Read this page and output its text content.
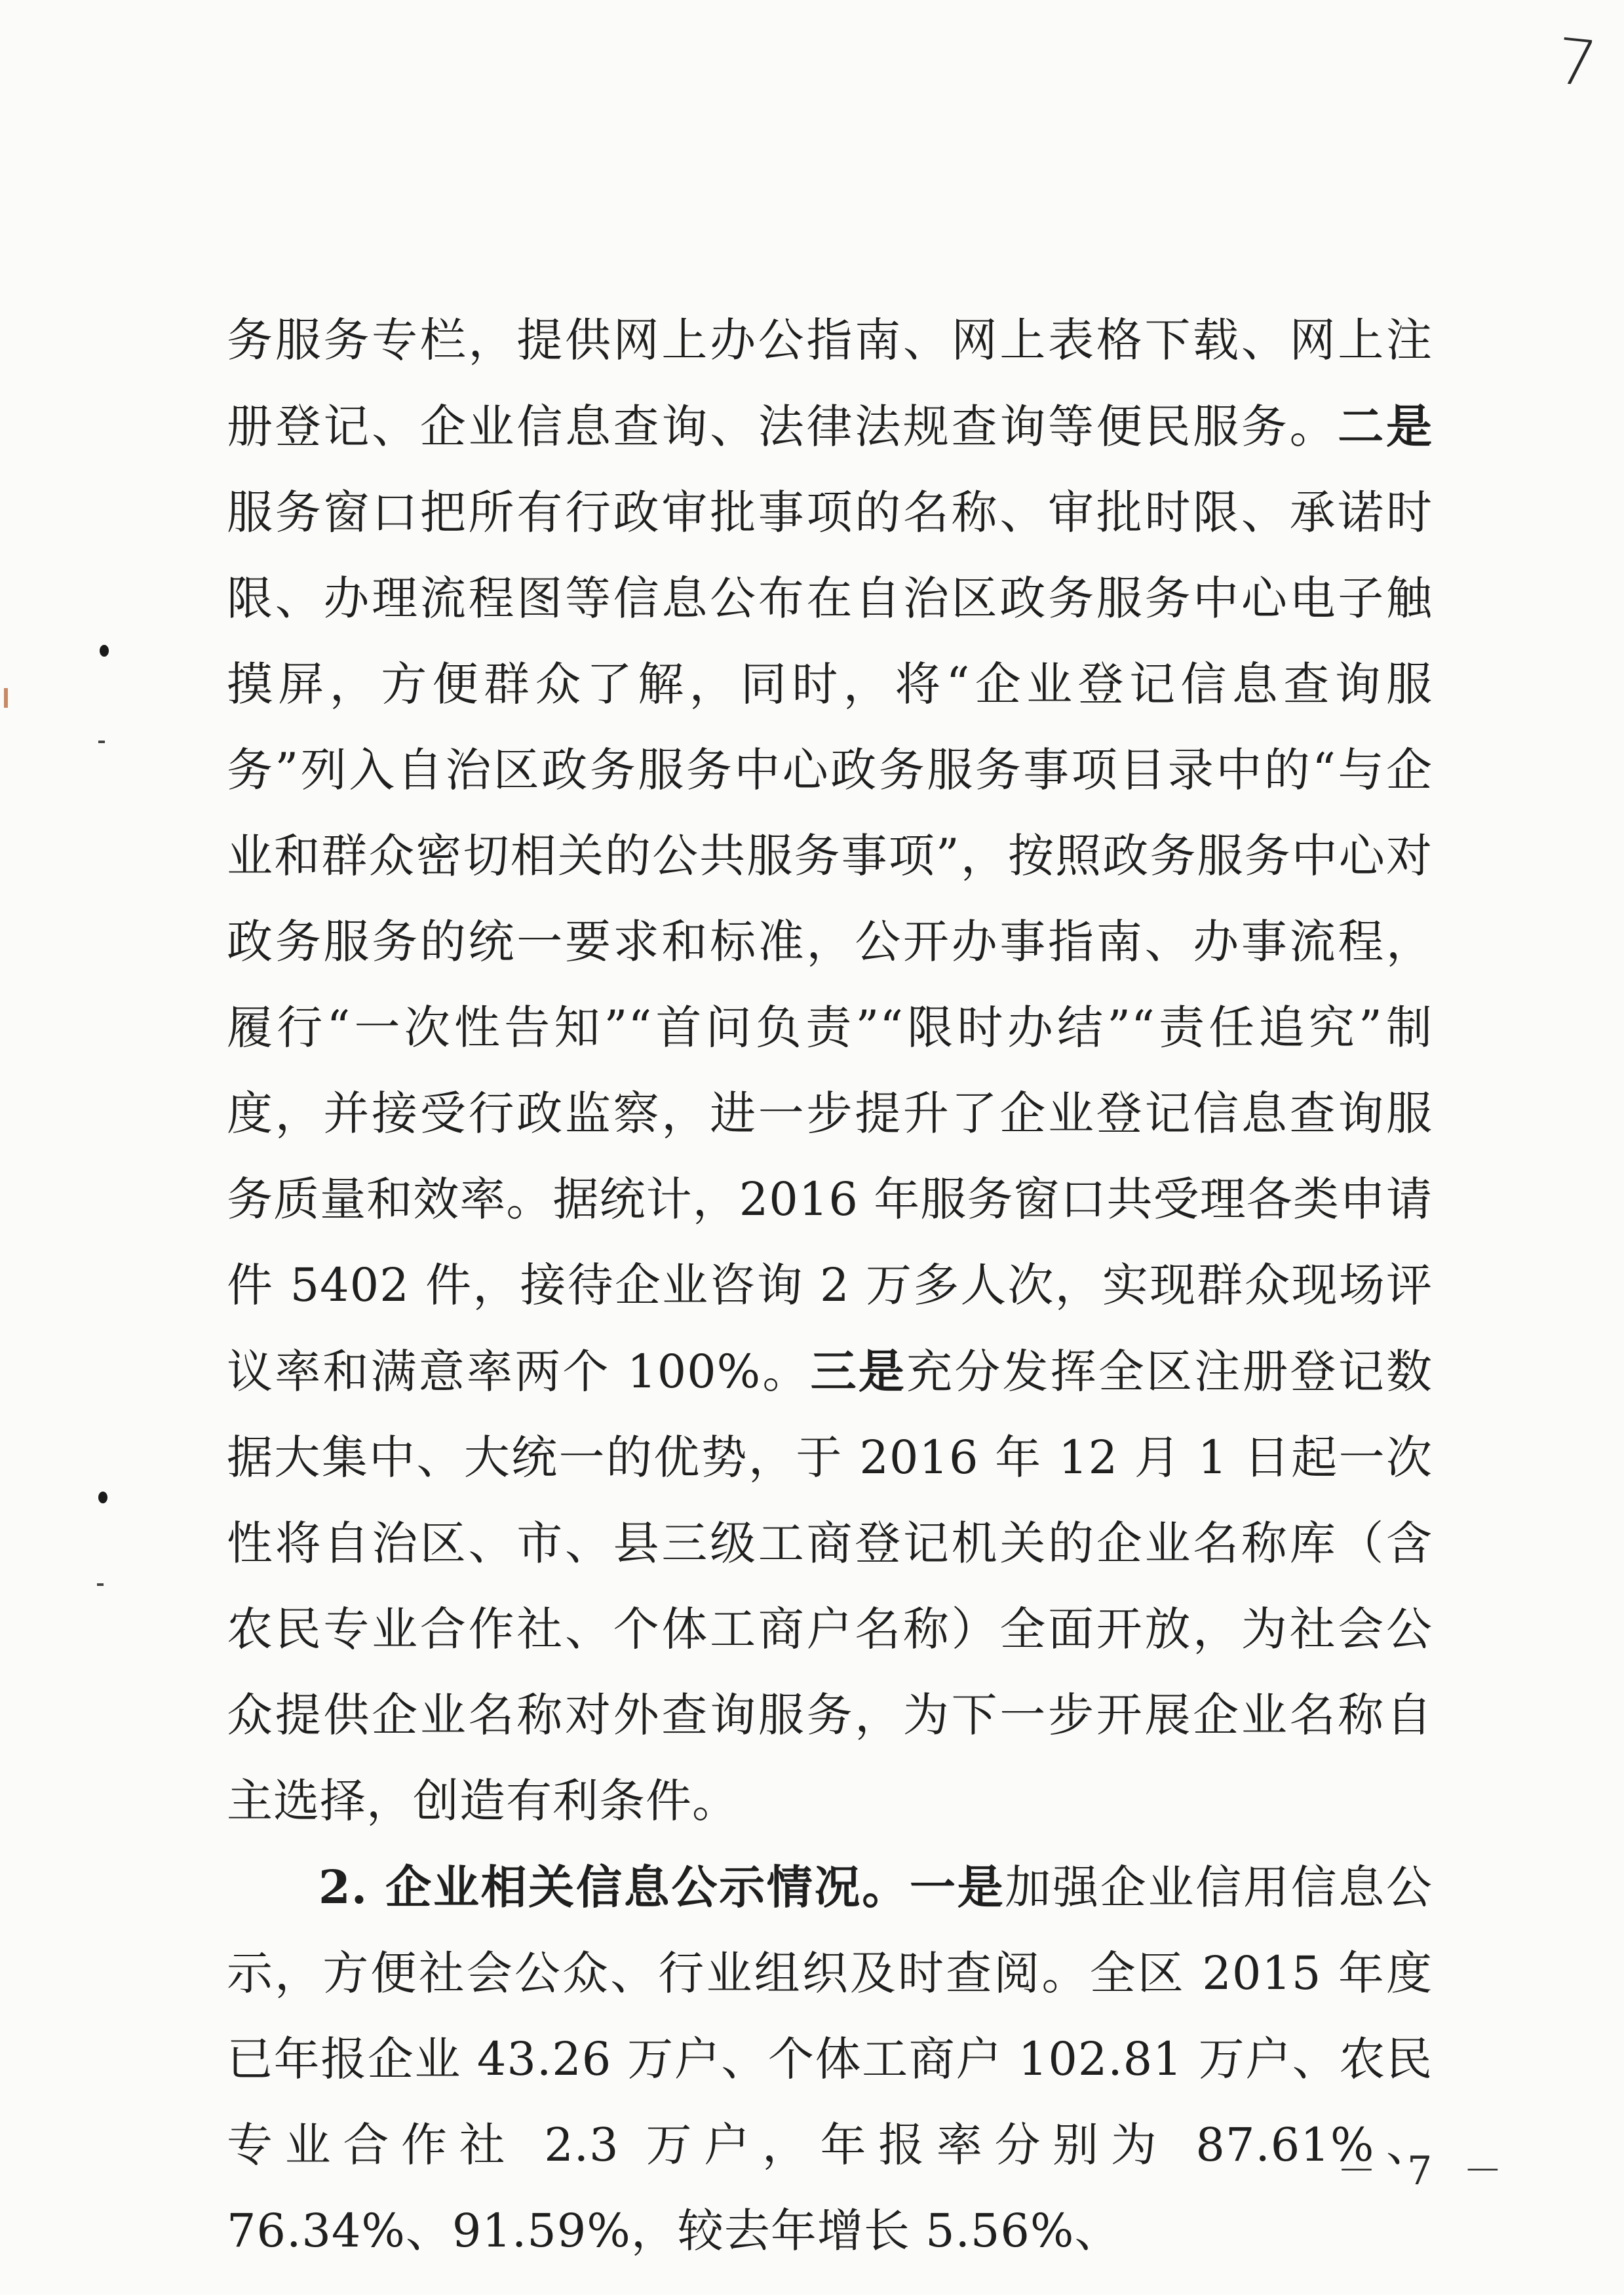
7

务服务专栏，提供网上办公指南、网上表格下载、网上注册登记、企业信息查询、法律法规查询等便民服务。二是服务窗口把所有行政审批事项的名称、审批时限、承诺时限、办理流程图等信息公布在自治区政务服务中心电子触摸屏，方便群众了解，同时，将“企业登记信息查询服务”列入自治区政务服务中心政务服务事项目录中的“与企业和群众密切相关的公共服务事项”，按照政务服务中心对政务服务的统一要求和标准，公开办事指南、办事流程，履行“一次性告知”“首问负责”“限时办结”“责任追究”制度，并接受行政监察，进一步提升了企业登记信息查询服务质量和效率。据统计，2016 年服务窗口共受理各类申请件 5402 件，接待企业咨询 2 万多人次，实现群众现场评议率和满意率两个 100%。三是充分发挥全区注册登记数据大集中、大统一的优势，于 2016 年 12 月 1 日起一次性将自治区、市、县三级工商登记机关的企业名称库（含农民专业合作社、个体工商户名称）全面开放，为社会公众提供企业名称对外查询服务，为下一步开展企业名称自主选择，创造有利条件。

2. 企业相关信息公示情况。一是加强企业信用信息公示，方便社会公众、行业组织及时查阅。全区 2015 年度已年报企业 43.26 万户、个体工商户 102.81 万户、农民专业合作社 2.3 万户，年报率分别为 87.61%、76.34%、91.59%，较去年增长 5.56%、

－ 7 －
